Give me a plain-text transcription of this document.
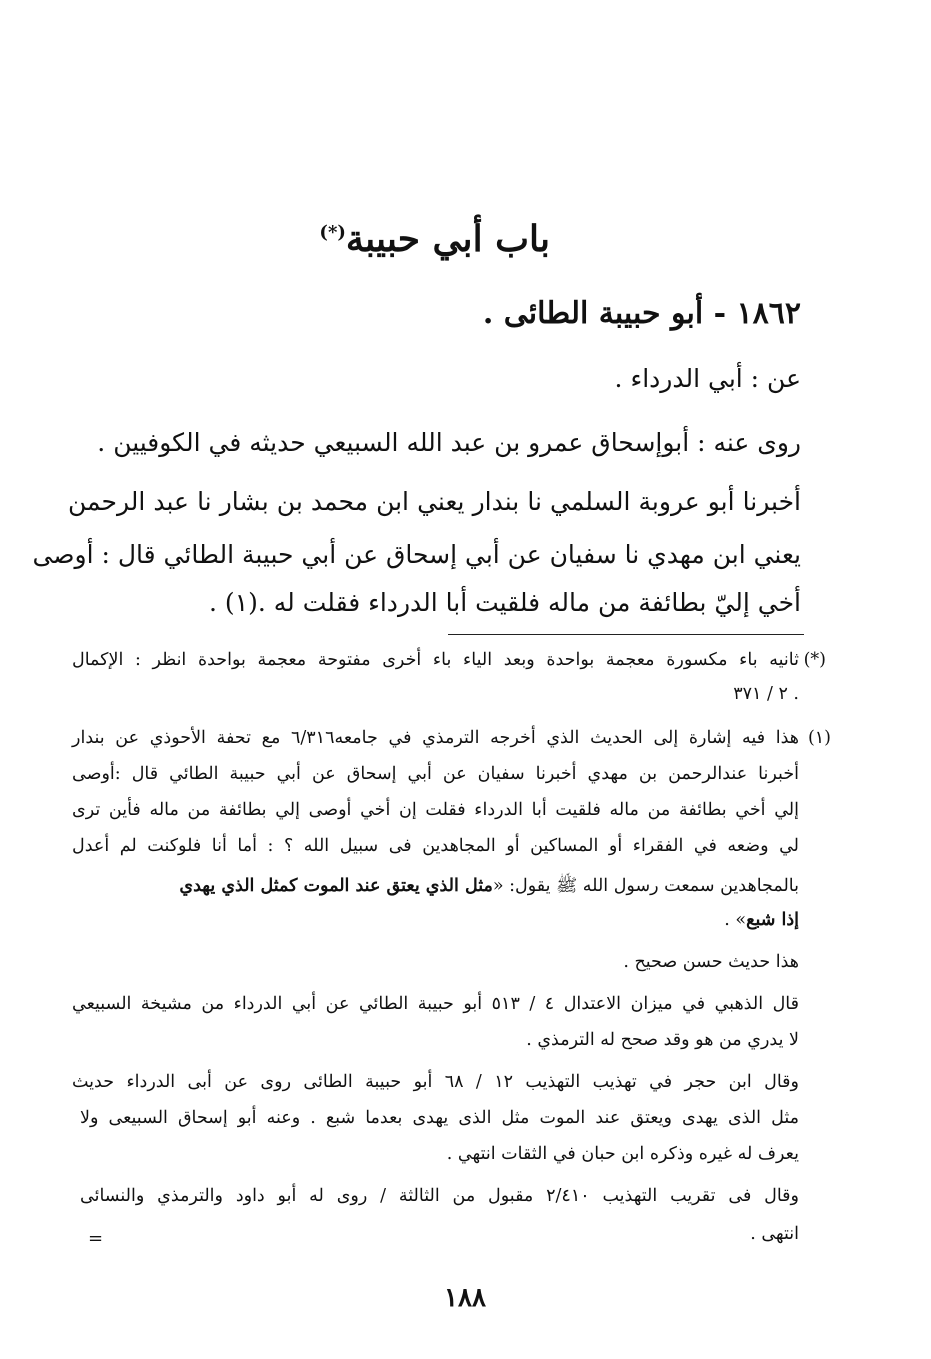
باب أبي حبيبة(*)
١٨٦٢ - أبو حبيبة الطائى .
عن : أبي الدرداء .
روى عنه : أبوإسحاق عمرو بن عبد الله السبيعي حديثه في الكوفيين .
أخبرنا أبو عروبة السلمي نا بندار يعني ابن محمد بن بشار نا عبد الرحمن
يعني ابن مهدي نا سفيان عن أبي إسحاق عن أبي حبيبة الطائي قال : أوصى
أخي إليّ بطائفة من ماله فلقيت أبا الدرداء فقلت له .(١) .
(*)
ثانيه باء مكسورة معجمة بواحدة وبعد الياء باء أخرى مفتوحة معجمة بواحدة انظر : الإكمال
٢ / ٣٧١ .
(١)
هذا فيه إشارة إلى الحديث الذي أخرجه الترمذي في جامعه٦/٣١٦ مع تحفة الأحوذي عن بندار
أخبرنا عندالرحمن بن مهدي أخبرنا سفيان عن أبي إسحاق عن أبي حبيبة الطائي قال :أوصى
إلي أخي بطائفة من ماله فلقيت أبا الدرداء فقلت إن أخي أوصى إلي بطائفة من ماله فأين ترى
لي وضعه في الفقراء أو المساكين أو المجاهدين فى سبيل الله ؟ : أما أنا فلوكنت لم أعدل
بالمجاهدين سمعت رسول الله ﷺ يقول: «مثل الذي يعتق عند الموت كمثل الذي يهدي
إذا شبع» .
هذا حديث حسن صحيح .
قال الذهبي في ميزان الاعتدال ٤ / ٥١٣ أبو حبيبة الطائي عن أبي الدرداء من مشيخة السبيعي
لا يدري من هو وقد صحح له الترمذي .
وقال ابن حجر في تهذيب التهذيب ١٢ / ٦٨ أبو حبيبة الطائى روى عن أبى الدرداء حديث
مثل الذى يهدى ويعتق عند الموت مثل الذى يهدى بعدما شبع . وعنه أبو إسحاق السبيعى ولا
يعرف له غيره وذكره ابن حبان في الثقات انتهي .
وقال فى تقريب التهذيب ٢/٤١٠ مقبول من الثالثة / روى له أبو داود والترمذي والنسائى
انتهى .
=
١٨٨
